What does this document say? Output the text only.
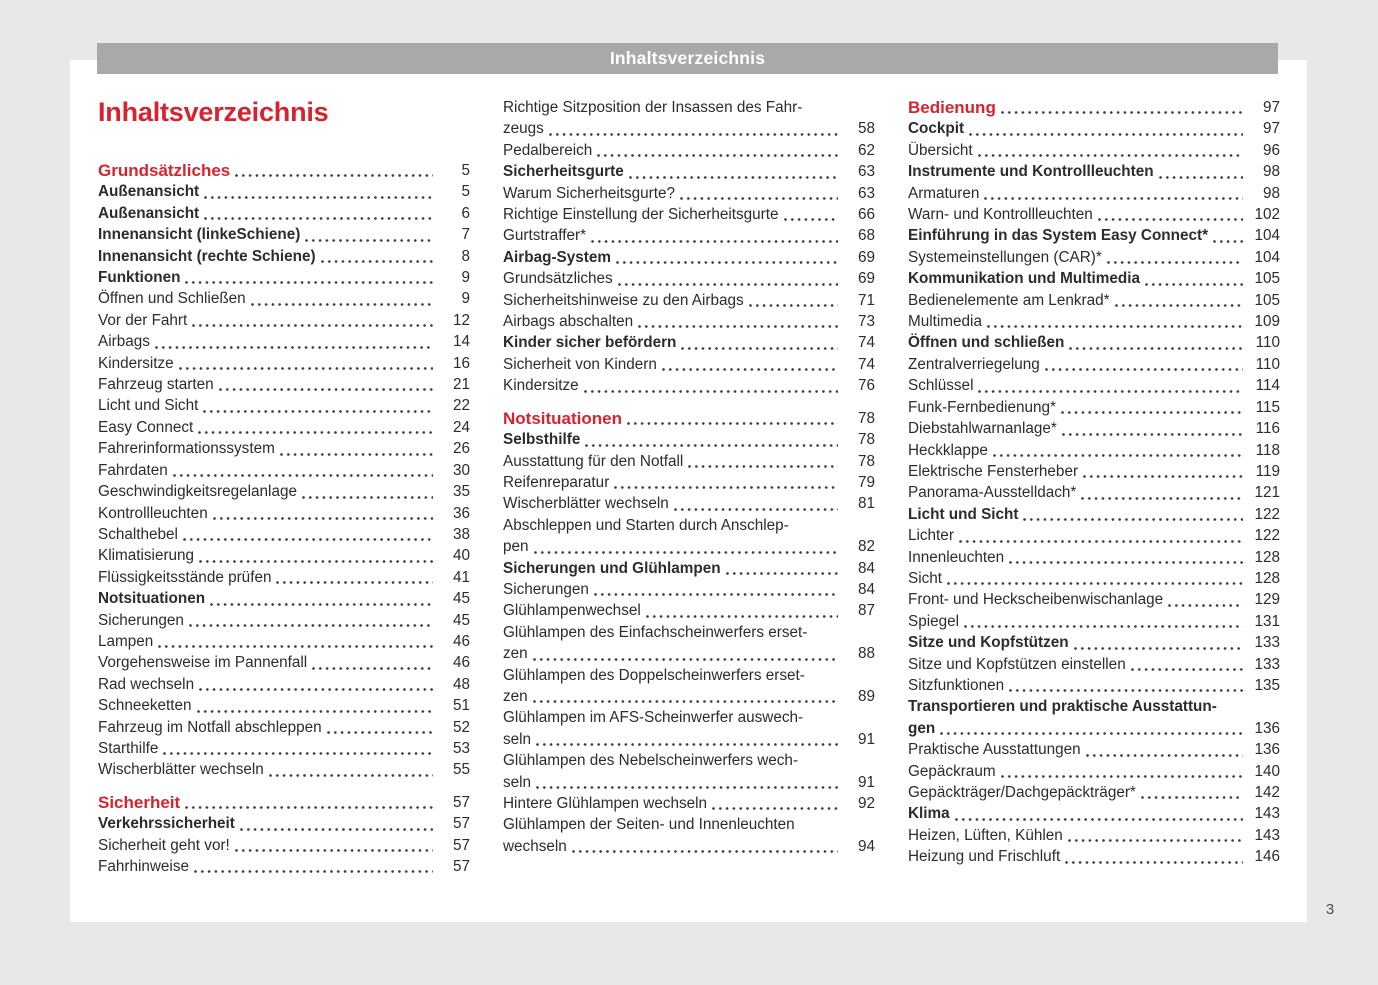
Inhaltsverzeichnis
Inhaltsverzeichnis
Grundsätzliches	5
Außenansicht	5
Außenansicht	6
Innenansicht (linkeSchiene)	7
Innenansicht (rechte Schiene)	8
Funktionen	9
Öffnen und Schließen	9
Vor der Fahrt	12
Airbags	14
Kindersitze	16
Fahrzeug starten	21
Licht und Sicht	22
Easy Connect	24
Fahrerinformationssystem	26
Fahrdaten	30
Geschwindigkeitsregelanlage	35
Kontrollleuchten	36
Schalthebel	38
Klimatisierung	40
Flüssigkeitsstände prüfen	41
Notsituationen	45
Sicherungen	45
Lampen	46
Vorgehensweise im Pannenfall	46
Rad wechseln	48
Schneeketten	51
Fahrzeug im Notfall abschleppen	52
Starthilfe	53
Wischerblätter wechseln	55
Sicherheit	57
Verkehrssicherheit	57
Sicherheit geht vor!	57
Fahrhinweise	57
Richtige Sitzposition der Insassen des Fahr-
zeugs	58
Pedalbereich	62
Sicherheitsgurte	63
Warum Sicherheitsgurte?	63
Richtige Einstellung der Sicherheitsgurte	66
Gurtstraffer*	68
Airbag-System	69
Grundsätzliches	69
Sicherheitshinweise zu den Airbags	71
Airbags abschalten	73
Kinder sicher befördern	74
Sicherheit von Kindern	74
Kindersitze	76
Notsituationen	78
Selbsthilfe	78
Ausstattung für den Notfall	78
Reifenreparatur	79
Wischerblätter wechseln	81
Abschleppen und Starten durch Anschlep-
pen	82
Sicherungen und Glühlampen	84
Sicherungen	84
Glühlampenwechsel	87
Glühlampen des Einfachscheinwerfers erset-
zen	88
Glühlampen des Doppelscheinwerfers erset-
zen	89
Glühlampen im AFS-Scheinwerfer auswech-
seln	91
Glühlampen des Nebelscheinwerfers wech-
seln	91
Hintere Glühlampen wechseln	92
Glühlampen der Seiten- und Innenleuchten
wechseln	94
Bedienung	97
Cockpit	97
Übersicht	96
Instrumente und Kontrollleuchten	98
Armaturen	98
Warn- und Kontrollleuchten	102
Einführung in das System Easy Connect*	104
Systemeinstellungen (CAR)*	104
Kommunikation und Multimedia	105
Bedienelemente am Lenkrad*	105
Multimedia	109
Öffnen und schließen	110
Zentralverriegelung	110
Schlüssel	114
Funk-Fernbedienung*	115
Diebstahlwarnanlage*	116
Heckklappe	118
Elektrische Fensterheber	119
Panorama-Ausstelldach*	121
Licht und Sicht	122
Lichter	122
Innenleuchten	128
Sicht	128
Front- und Heckscheibenwischanlage	129
Spiegel	131
Sitze und Kopfstützen	133
Sitze und Kopfstützen einstellen	133
Sitzfunktionen	135
Transportieren und praktische Ausstattun-
gen	136
Praktische Ausstattungen	136
Gepäckraum	140
Gepäckträger/Dachgepäckträger*	142
Klima	143
Heizen, Lüften, Kühlen	143
Heizung und Frischluft	146
3
